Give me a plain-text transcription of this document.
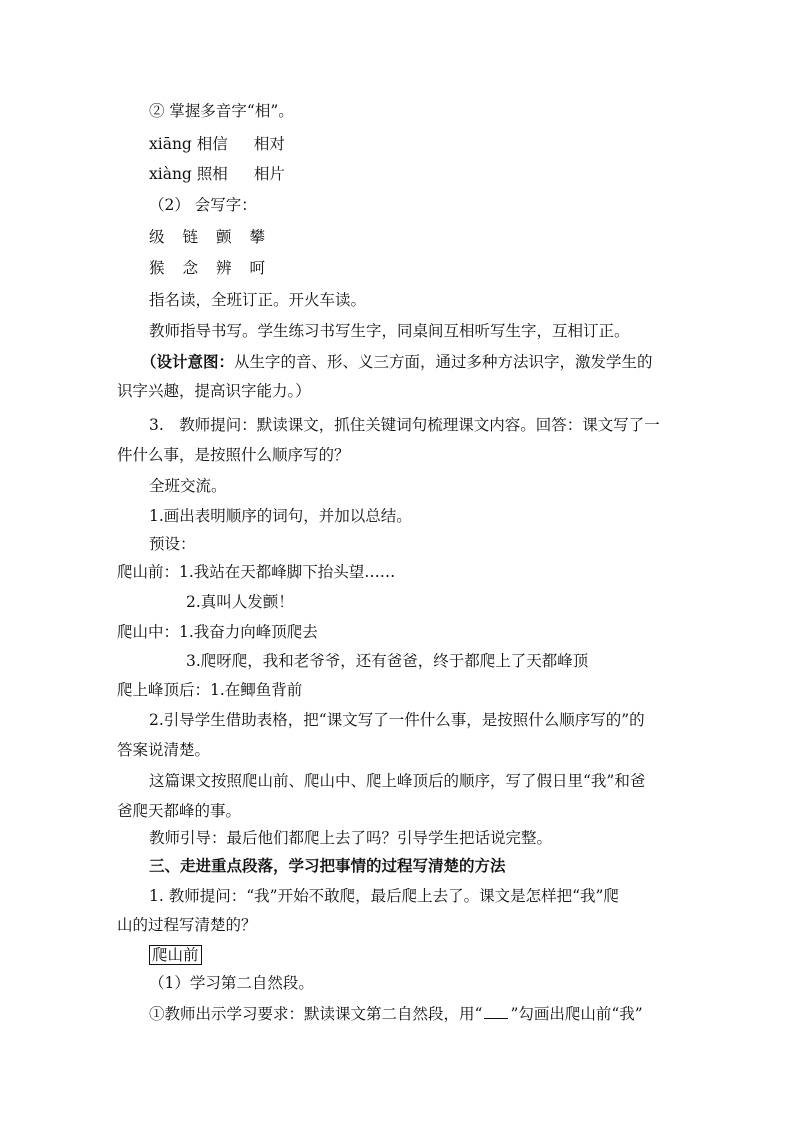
② 掌握多音字“相”。
xiāng 相信 相对
xiàng 照相 相片
（2） 会写字：
级 链 颤 攀
猴 念 辨 呵
指名读，全班订正。开火车读。
教师指导书写。学生练习书写生字，同桌间互相听写生字，互相订正。
（设计意图：从生字的音、形、义三方面，通过多种方法识字，激发学生的
识字兴趣，提高识字能力。）
3.　教师提问：默读课文，抓住关键词句梳理课文内容。回答：课文写了一
件什么事，是按照什么顺序写的？
全班交流。
1.画出表明顺序的词句，并加以总结。
预设：
爬山前：1.我站在天都峰脚下抬头望……
2.真叫人发颤！
爬山中：1.我奋力向峰顶爬去
3.爬呀爬，我和老爷爷，还有爸爸，终于都爬上了天都峰顶
爬上峰顶后：1.在鲫鱼背前
2.引导学生借助表格，把“课文写了一件什么事，是按照什么顺序写的”的
答案说清楚。
这篇课文按照爬山前、爬山中、爬上峰顶后的顺序，写了假日里“我”和爸
爸爬天都峰的事。
教师引导：最后他们都爬上去了吗？引导学生把话说完整。
三、走进重点段落，学习把事情的过程写清楚的方法
1. 教师提问：“我”开始不敢爬，最后爬上去了。课文是怎样把“我”爬
山的过程写清楚的？
爬山前
（1）学习第二自然段。
①教师出示学习要求：默读课文第二自然段，用“ ”勾画出爬山前“我”
